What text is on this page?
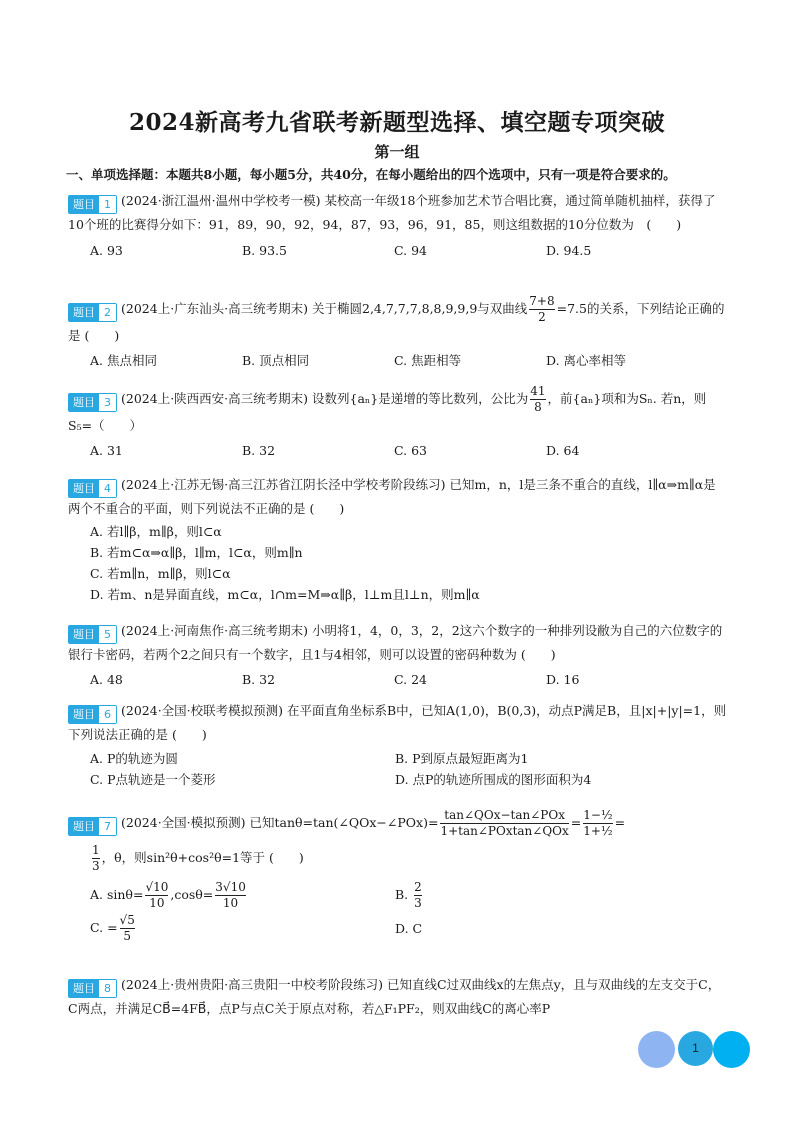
2024新高考九省联考新题型选择、填空题专项突破
第一组
一、单项选择题：本题共8小题，每小题5分，共40分，在每小题给出的四个选项中，只有一项是符合要求的。
题目 1 (2024·浙江温州·温州中学校考一模) 某校高一年级18个班参加艺术节合唱比赛，通过简单随机抽样，获得了10个班的比赛得分如下：91，89，90，92，94，87，93，96，91，85，则这组数据的10分位数为　(　　)
A. 93	B. 93.5	C. 94	D. 94.5
题目 2 (2024上·广东汕头·高三统考期末) 关于椭圆2,4,7,7,7,8,8,9,9,9与双曲线 $\frac{7+8}{2} =7.5$的关系，下列结论正确的是 (　　)
A. 焦点相同	B. 顶点相同	C. 焦距相等	D. 离心率相等
题目 3 (2024上·陕西西安·高三统考期末) 设数列{aₙ}是递增的等比数列，公比为 $\frac{41}{8}$ ，前{aₙ}项和为Sₙ. 若n，则S₅=（　　）
A. 31	B. 32	C. 63	D. 64
题目 4 (2024上·江苏无锡·高三江苏省江阴长泾中学校考阶段练习) 已知m，n，l是三条不重合的直线，l∥α⇒m∥α是两个不重合的平面，则下列说法不正确的是 (　　)
A. 若l∥β，m∥β，则l⊂α
B. 若m⊂α⇒α∥β，l∥m，l⊂α，则m∥n
C. 若m∥n，m∥β，则l⊂α
D. 若m、n是异面直线，m⊂α，l∩m=M⇒α∥β，l⊥m且l⊥n，则m∥α
题目 5 (2024上·河南焦作·高三统考期末) 小明将1，4，0，3，2，2这六个数字的一种排列设敝为自己的六位数字的银行卡密码，若两个2之间只有一个数字，且1与4相邻，则可以设置的密码种数为 (　　)
A. 48	B. 32	C. 24	D. 16
题目 6 (2024·全国·校联考模拟预测) 在平面直角坐标系B中，已知A(1,0)，B(0,3)，动点P满足B，且|x|+|y|=1，则下列说法正确的是 (　　)
A. P的轨迹为圆	B. P到原点最短距离为1
C. P点轨迹是一个菱形	D. 点P的轨迹所围成的图形面积为4
题目 7 (2024·全国·模拟预测) 已知tanθ=tan(∠QOx−∠POx)= $\frac{\text{tan∠QOx−tan∠POx}}{\text{1+tan∠POxtan∠QOx}} = \frac{\text{1−½}}{\text{1+½}}$ =
$\frac{1}{3}$ ，θ，则sin²θ+cos²θ=1等于 (　　)
A. $\sin\theta= \frac{√10}{10} ,\cos\theta= \frac{3√10}{10}$	B. $\frac{2}{3}$
C. = $\frac{√5}{5}$	D. C
题目 8 (2024上·贵州贵阳·高三贵阳一中校考阶段练习) 已知直线C过双曲线x的左焦点y，且与双曲线的左支交于C，C两点，并满足CB⃗=4FB⃗，点P与点C关于原点对称，若△F₁PF₂，则双曲线C的离心率P
1
